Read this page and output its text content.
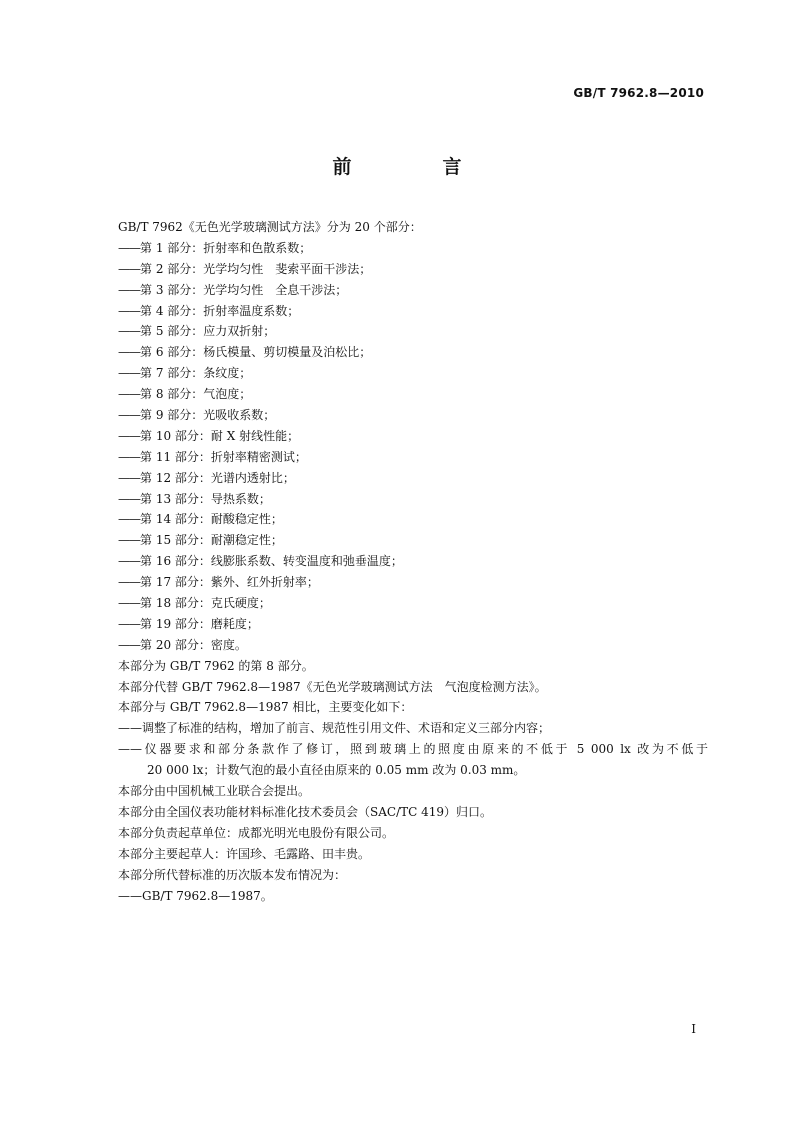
GB/T 7962.8—2010
前　言
GB/T 7962《无色光学玻璃测试方法》分为 20 个部分：
——第 1 部分：折射率和色散系数；
——第 2 部分：光学均匀性　斐索平面干涉法；
——第 3 部分：光学均匀性　全息干涉法；
——第 4 部分：折射率温度系数；
——第 5 部分：应力双折射；
——第 6 部分：杨氏模量、剪切模量及泊松比；
——第 7 部分：条纹度；
——第 8 部分：气泡度；
——第 9 部分：光吸收系数；
——第 10 部分：耐 X 射线性能；
——第 11 部分：折射率精密测试；
——第 12 部分：光谱内透射比；
——第 13 部分：导热系数；
——第 14 部分：耐酸稳定性；
——第 15 部分：耐潮稳定性；
——第 16 部分：线膨胀系数、转变温度和弛垂温度；
——第 17 部分：紫外、红外折射率；
——第 18 部分：克氏硬度；
——第 19 部分：磨耗度；
——第 20 部分：密度。
本部分为 GB/T 7962 的第 8 部分。
本部分代替 GB/T 7962.8—1987《无色光学玻璃测试方法　气泡度检测方法》。
本部分与 GB/T 7962.8—1987 相比，主要变化如下：
——调整了标准的结构，增加了前言、规范性引用文件、术语和定义三部分内容；
——仪器要求和部分条款作了修订，照到玻璃上的照度由原来的不低于 5 000 lx 改为不低于
20 000 lx；计数气泡的最小直径由原来的 0.05 mm 改为 0.03 mm。
本部分由中国机械工业联合会提出。
本部分由全国仪表功能材料标准化技术委员会（SAC/TC 419）归口。
本部分负责起草单位：成都光明光电股份有限公司。
本部分主要起草人：许国珍、毛露路、田丰贵。
本部分所代替标准的历次版本发布情况为：
——GB/T 7962.8—1987。
I
